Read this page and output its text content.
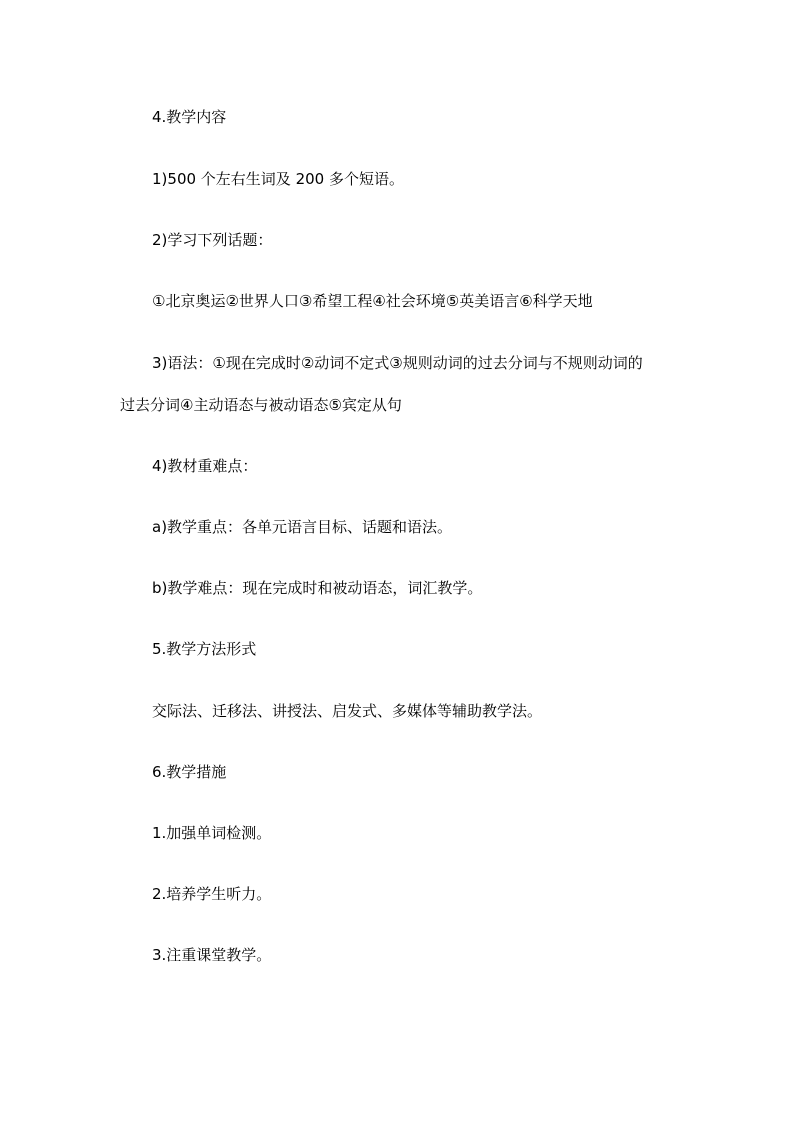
4.教学内容
1)500 个左右生词及 200 多个短语。
2)学习下列话题：
①北京奥运②世界人口③希望工程④社会环境⑤英美语言⑥科学天地
3)语法：①现在完成时②动词不定式③规则动词的过去分词与不规则动词的
过去分词④主动语态与被动语态⑤宾定从句
4)教材重难点：
a)教学重点：各单元语言目标、话题和语法。
b)教学难点：现在完成时和被动语态，词汇教学。
5.教学方法形式
交际法、迁移法、讲授法、启发式、多媒体等辅助教学法。
6.教学措施
1.加强单词检测。
2.培养学生听力。
3.注重课堂教学。
